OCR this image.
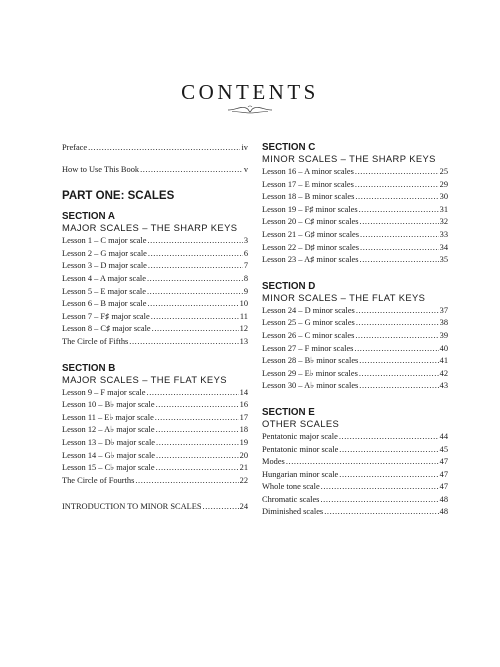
CONTENTS
Preface .....	iv
How to Use This Book .....	v
PART ONE: SCALES
SECTION A
MAJOR SCALES – THE SHARP KEYS
Lesson 1 – C major scale .....	3
Lesson 2 – G major scale .....	6
Lesson 3 – D major scale .....	7
Lesson 4 – A major scale .....	8
Lesson 5 – E major scale .....	9
Lesson 6 – B major scale .....	10
Lesson 7 – F♯ major scale .....	11
Lesson 8 – C♯ major scale .....	12
The Circle of Fifths .....	13
SECTION B
MAJOR SCALES – THE FLAT KEYS
Lesson 9 – F major scale .....	14
Lesson 10 – B♭ major scale .....	16
Lesson 11 – E♭ major scale .....	17
Lesson 12 – A♭ major scale .....	18
Lesson 13 – D♭ major scale .....	19
Lesson 14 – G♭ major scale .....	20
Lesson 15 – C♭ major scale .....	21
The Circle of Fourths .....	22
INTRODUCTION TO MINOR SCALES .....	24
SECTION C
MINOR SCALES – THE SHARP KEYS
Lesson 16 – A minor scales .....	25
Lesson 17 – E minor scales .....	29
Lesson 18 – B minor scales .....	30
Lesson 19 – F♯ minor scales .....	31
Lesson 20 – C♯ minor scales .....	32
Lesson 21 – G♯ minor scales .....	33
Lesson 22 – D♯ minor scales .....	34
Lesson 23 – A♯ minor scales .....	35
SECTION D
MINOR SCALES – THE FLAT KEYS
Lesson 24 – D minor scales .....	37
Lesson 25 – G minor scales .....	38
Lesson 26 – C minor scales .....	39
Lesson 27 – F minor scales .....	40
Lesson 28 – B♭ minor scales .....	41
Lesson 29 – E♭ minor scales .....	42
Lesson 30 – A♭ minor scales .....	43
SECTION E
OTHER SCALES
Pentatonic major scale .....	44
Pentatonic minor scale .....	45
Modes .....	47
Hungarian minor scale .....	47
Whole tone scale .....	47
Chromatic scales .....	48
Diminished scales .....	48
